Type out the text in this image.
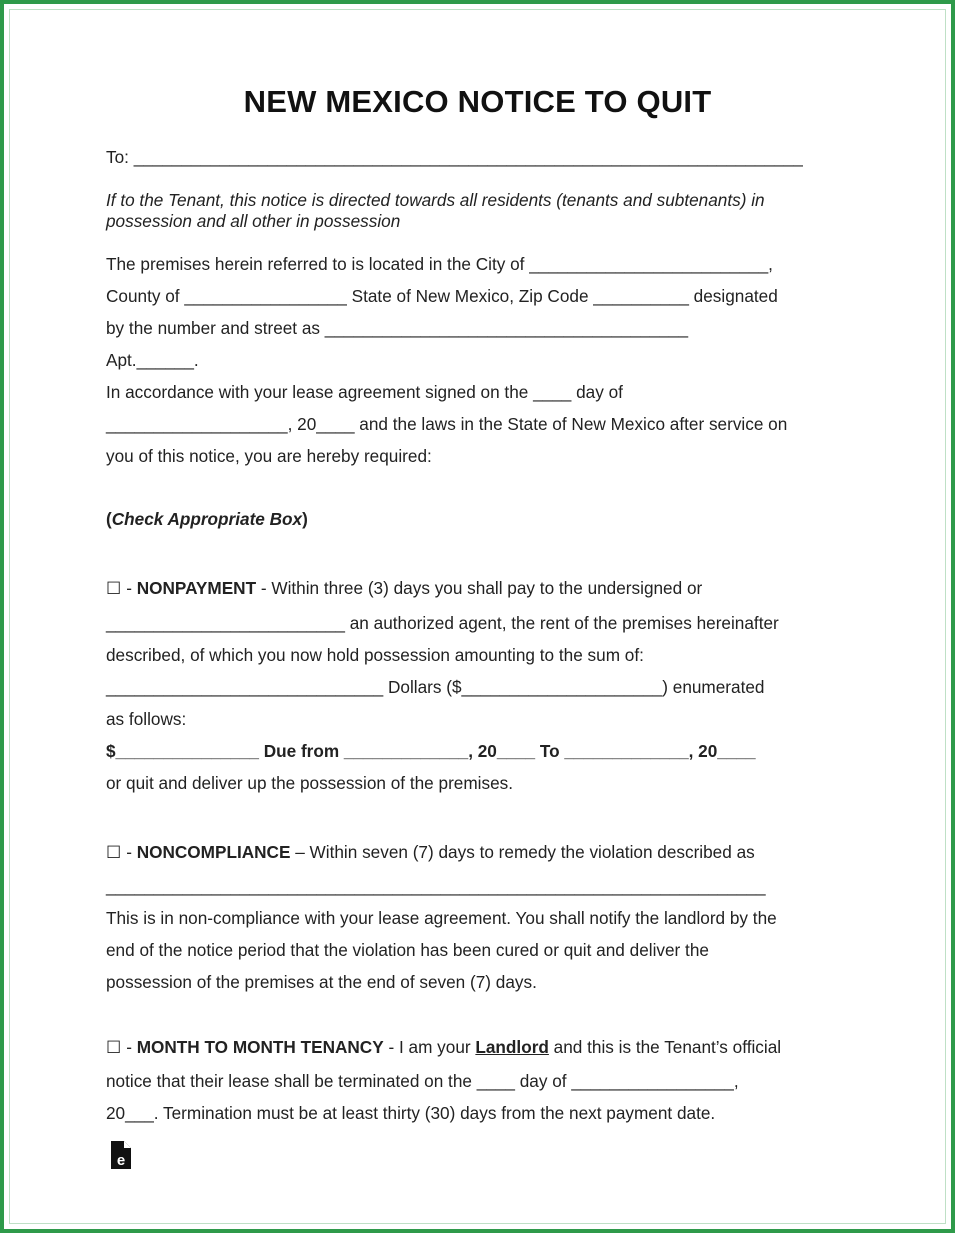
NEW MEXICO NOTICE TO QUIT
To: ______________________________________________________________________
If to the Tenant, this notice is directed towards all residents (tenants and subtenants) in
possession and all other in possession
The premises herein referred to is located in the City of _________________________,
County of _________________ State of New Mexico, Zip Code __________ designated
by the number and street as ______________________________________
Apt.______.
In accordance with your lease agreement signed on the ____ day of
___________________, 20____ and the laws in the State of New Mexico after service on
you of this notice, you are hereby required:
(Check Appropriate Box)
☐ - NONPAYMENT - Within three (3) days you shall pay to the undersigned or
_________________________ an authorized agent, the rent of the premises hereinafter
described, of which you now hold possession amounting to the sum of:
_____________________________ Dollars ($_____________________) enumerated
as follows:
$_______________ Due from _____________, 20____ To _____________, 20____
or quit and deliver up the possession of the premises.
☐ - NONCOMPLIANCE – Within seven (7) days to remedy the violation described as
_____________________________________________________________________
This is in non-compliance with your lease agreement. You shall notify the landlord by the
end of the notice period that the violation has been cured or quit and deliver the
possession of the premises at the end of seven (7) days.
☐ - MONTH TO MONTH TENANCY - I am your Landlord and this is the Tenant’s official
notice that their lease shall be terminated on the ____ day of _________________,
20___. Termination must be at least thirty (30) days from the next payment date.
e
